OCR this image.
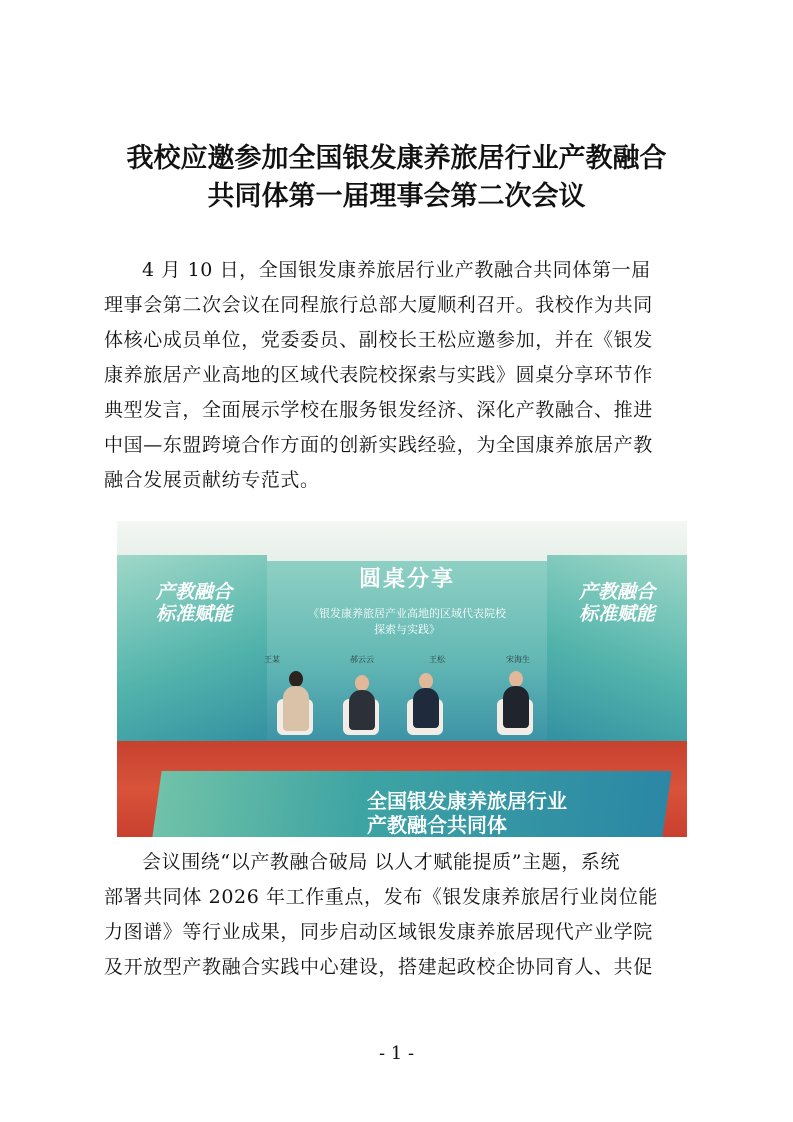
我校应邀参加全国银发康养旅居行业产教融合
共同体第一届理事会第二次会议
4 月 10 日，全国银发康养旅居行业产教融合共同体第一届
理事会第二次会议在同程旅行总部大厦顺利召开。我校作为共同
体核心成员单位，党委委员、副校长王松应邀参加，并在《银发
康养旅居产业高地的区域代表院校探索与实践》圆桌分享环节作
典型发言，全面展示学校在服务银发经济、深化产教融合、推进
中国—东盟跨境合作方面的创新实践经验，为全国康养旅居产教
融合发展贡献纺专范式。
圆桌分享
《银发康养旅居产业高地的区域代表院校
探索与实践》
产教融合
标准赋能
产教融合
标准赋能
王某	郝云云	王松	宋海生
全国银发康养旅居行业
产教融合共同体
会议围绕“以产教融合破局 以人才赋能提质”主题，系统
部署共同体 2026 年工作重点，发布《银发康养旅居行业岗位能
力图谱》等行业成果，同步启动区域银发康养旅居现代产业学院
及开放型产教融合实践中心建设，搭建起政校企协同育人、共促
- 1 -
